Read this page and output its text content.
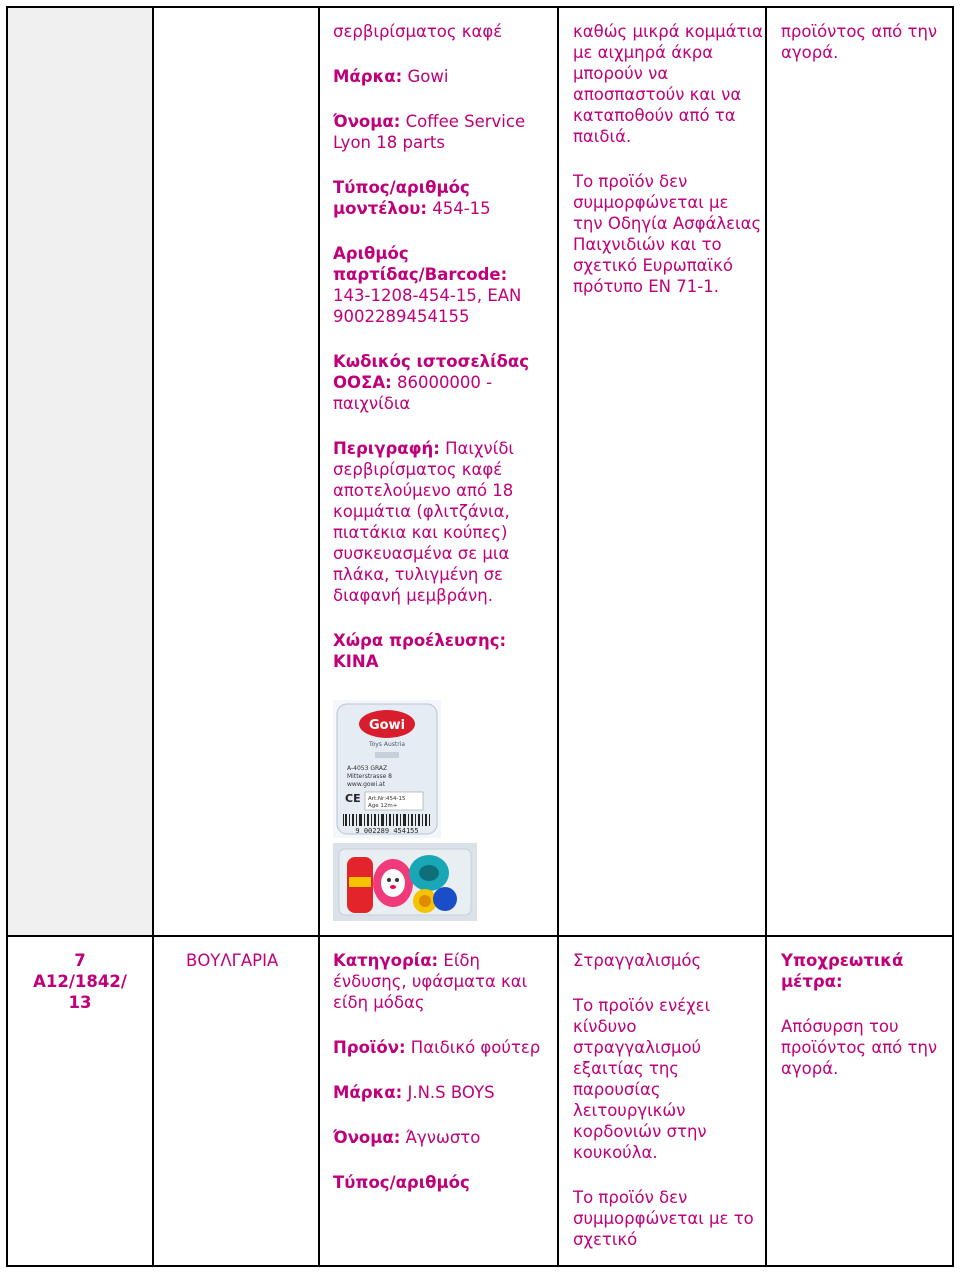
σερβιρίσματος καφέ
Μάρκα: Gowi
Όνομα: Coffee Service Lyon 18 parts
Τύπος/αριθμός μοντέλου: 454-15
Αριθμός παρτίδας/Barcode: 143-1208-454-15, EAN 9002289454155
Κωδικός ιστοσελίδας ΟΟΣΑ: 86000000 - παιχνίδια
Περιγραφή: Παιχνίδι σερβιρίσματος καφέ αποτελούμενο από 18 κομμάτια (φλιτζάνια, πιατάκια και κούπες) συσκευασμένα σε μια πλάκα, τυλιγμένη σε διαφανή μεμβράνη.
Χώρα προέλευσης:
ΚΙΝΑ
Gowi
Toys Austria
A-4053 GRAZ
Mitterstrasse 8
www.gowi.at
CE Art.Nr:454-15
Age 12m+
9 002289 454155
καθώς μικρά κομμάτια με αιχμηρά άκρα μπορούν να αποσπαστούν και να καταποθούν από τα παιδιά.
Το προϊόν δεν συμμορφώνεται με την Οδηγία Ασφάλειας Παιχνιδιών και το σχετικό Ευρωπαϊκό πρότυπο EN 71-1.
προϊόντος από την αγορά.
7
A12/1842/
13
ΒΟΥΛΓΑΡΙΑ	Κατηγορία: Είδη ένδυσης, υφάσματα και είδη μόδας
Προϊόν: Παιδικό φούτερ
Μάρκα: J.N.S BOYS
Όνομα: Άγνωστο
Τύπος/αριθμός
Στραγγαλισμός
Το προϊόν ενέχει κίνδυνο στραγγαλισμού εξαιτίας της παρουσίας λειτουργικών κορδονιών στην κουκούλα.
Το προϊόν δεν συμμορφώνεται με το σχετικό
Υποχρεωτικά μέτρα:
Απόσυρση του προϊόντος από την αγορά.
